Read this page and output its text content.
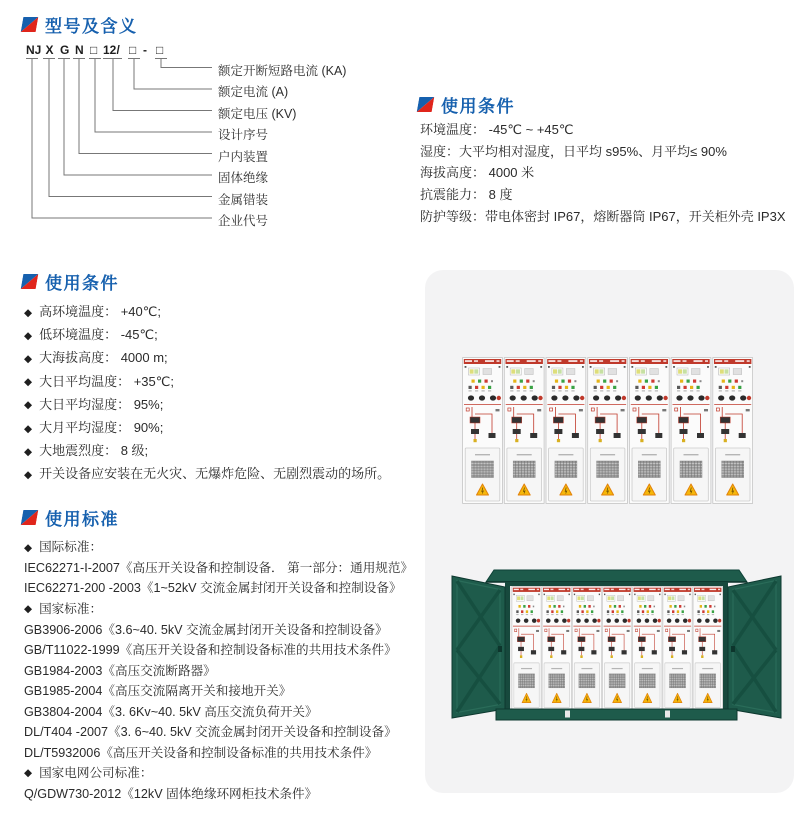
型号及含义
NJ X G N □ 12 / □ - □
额定开断短路电流 (KA)
额定电流 (A)
额定电压 (KV)
设计序号
户内装置
固体绝缘
金属错装
企业代号
使用条件
环境温度： -45℃ ~ +45℃
湿度：大平均相对湿度，日平均 s95%、月平均≤ 90%
海拔高度： 4000 米
抗震能力： 8 度
防护等级：带电体密封 IP67，熔断器筒 IP67，开关柜外壳 IP3X
使用条件
◆ 高环境温度： +40℃;
◆ 低环境温度： -45℃;
◆ 大海拔高度： 4000 m;
◆ 大日平均温度： +35℃;
◆ 大日平均湿度： 95%;
◆ 大月平均湿度： 90%;
◆ 大地震烈度： 8 级;
◆ 开关设备应安装在无火灾、无爆炸危险、无剧烈震动的场所。
使用标准
◆ 国际标准：
IEC62271-I-2007《高压开关设备和控制设备． 第一部分：通用规范》
IEC62271-200 -2003《1~52kV 交流金属封闭开关设备和控制设备》
◆ 国家标准：
GB3906-2006《3.6~40. 5kV 交流金属封闭开关设备和控制设备》
GB/T11022-1999《高压开关设备和控制设备标准的共用技术条件》
GB1984-2003《高压交流断路器》
GB1985-2004《高压交流隔离开关和接地开关》
GB3804-2004《3. 6Kv~40. 5kV 高压交流负荷开关》
DL/T404 -2007《3. 6~40. 5kV 交流金属封闭开关设备和控制设备》
DL/T5932006《高压开关设备和控制设备标准的共用技术条件》
◆ 国家电网公司标准：
Q/GDW730-2012《12kV 固体绝缘环网柜技术条件》
